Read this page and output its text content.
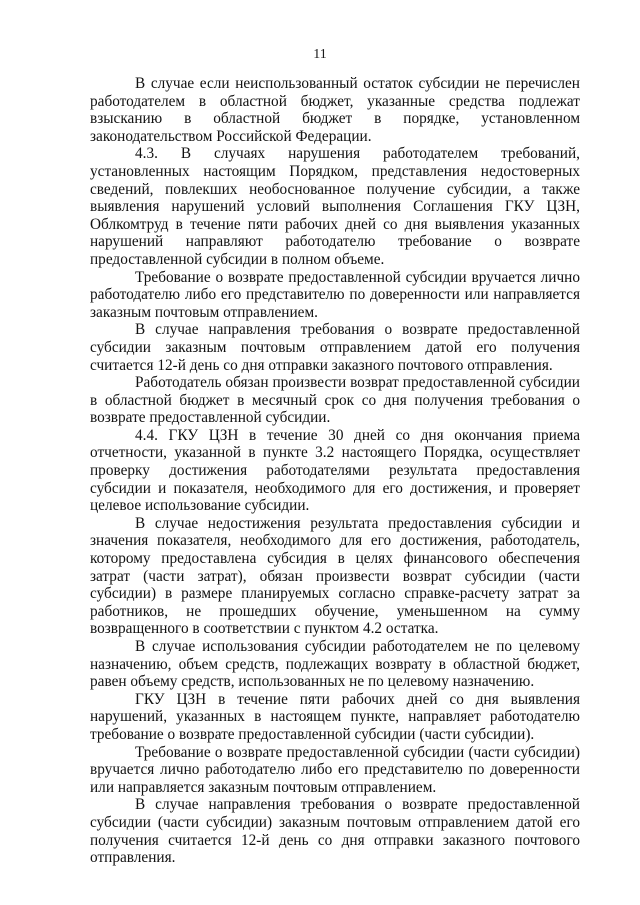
11

В случае если неиспользованный остаток субсидии не перечислен работодателем в областной бюджет, указанные средства подлежат взысканию в областной бюджет в порядке, установленном законодательством Российской Федерации.

4.3. В случаях нарушения работодателем требований, установленных настоящим Порядком, представления недостоверных сведений, повлекших необоснованное получение субсидии, а также выявления нарушений условий выполнения Соглашения ГКУ ЦЗН, Облкомтруд в течение пяти рабочих дней со дня выявления указанных нарушений направляют работодателю требование о возврате предоставленной субсидии в полном объеме.

Требование о возврате предоставленной субсидии вручается лично работодателю либо его представителю по доверенности или направляется заказным почтовым отправлением.

В случае направления требования о возврате предоставленной субсидии заказным почтовым отправлением датой его получения считается 12-й день со дня отправки заказного почтового отправления.

Работодатель обязан произвести возврат предоставленной субсидии в областной бюджет в месячный срок со дня получения требования о возврате предоставленной субсидии.

4.4. ГКУ ЦЗН в течение 30 дней со дня окончания приема отчетности, указанной в пункте 3.2 настоящего Порядка, осуществляет проверку достижения работодателями результата предоставления субсидии и показателя, необходимого для его достижения, и проверяет целевое использование субсидии.

В случае недостижения результата предоставления субсидии и значения показателя, необходимого для его достижения, работодатель, которому предоставлена субсидия в целях финансового обеспечения затрат (части затрат), обязан произвести возврат субсидии (части субсидии) в размере планируемых согласно справке-расчету затрат за работников, не прошедших обучение, уменьшенном на сумму возвращенного в соответствии с пунктом 4.2 остатка.

В случае использования субсидии работодателем не по целевому назначению, объем средств, подлежащих возврату в областной бюджет, равен объему средств, использованных не по целевому назначению.

ГКУ ЦЗН в течение пяти рабочих дней со дня выявления нарушений, указанных в настоящем пункте, направляет работодателю требование о возврате предоставленной субсидии (части субсидии).

Требование о возврате предоставленной субсидии (части субсидии) вручается лично работодателю либо его представителю по доверенности или направляется заказным почтовым отправлением.

В случае направления требования о возврате предоставленной субсидии (части субсидии) заказным почтовым отправлением датой его получения считается 12-й день со дня отправки заказного почтового отправления.
